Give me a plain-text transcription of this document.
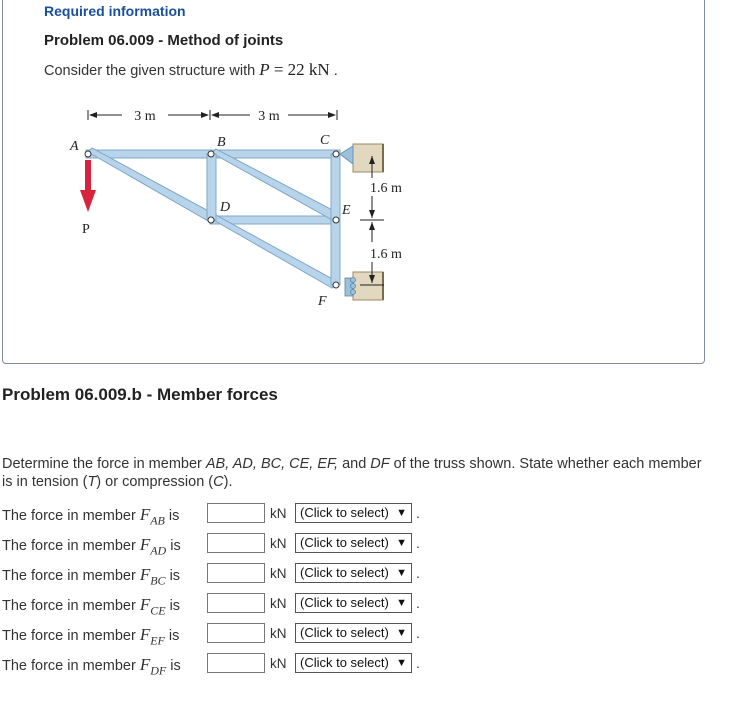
Required information
Problem 06.009 - Method of joints
Consider the given structure with P = 22 kN .
3 m	3 m
1.6 m
1.6 m
A	B	C
D	E
F
P
Problem 06.009.b - Member forces
Determine the force in member AB, AD, BC, CE, EF, and DF of the truss shown. State whether each member is in tension (T) or compression (C).
The force in member $F_{AB}$ is	kN	(Click to select) ▼ .
The force in member $F_{AD}$ is	kN	(Click to select) ▼ .
The force in member $F_{BC}$ is	kN	(Click to select) ▼ .
The force in member $F_{CE}$ is	kN	(Click to select) ▼ .
The force in member $F_{EF}$ is	kN	(Click to select) ▼ .
The force in member $F_{DF}$ is	kN	(Click to select) ▼ .
